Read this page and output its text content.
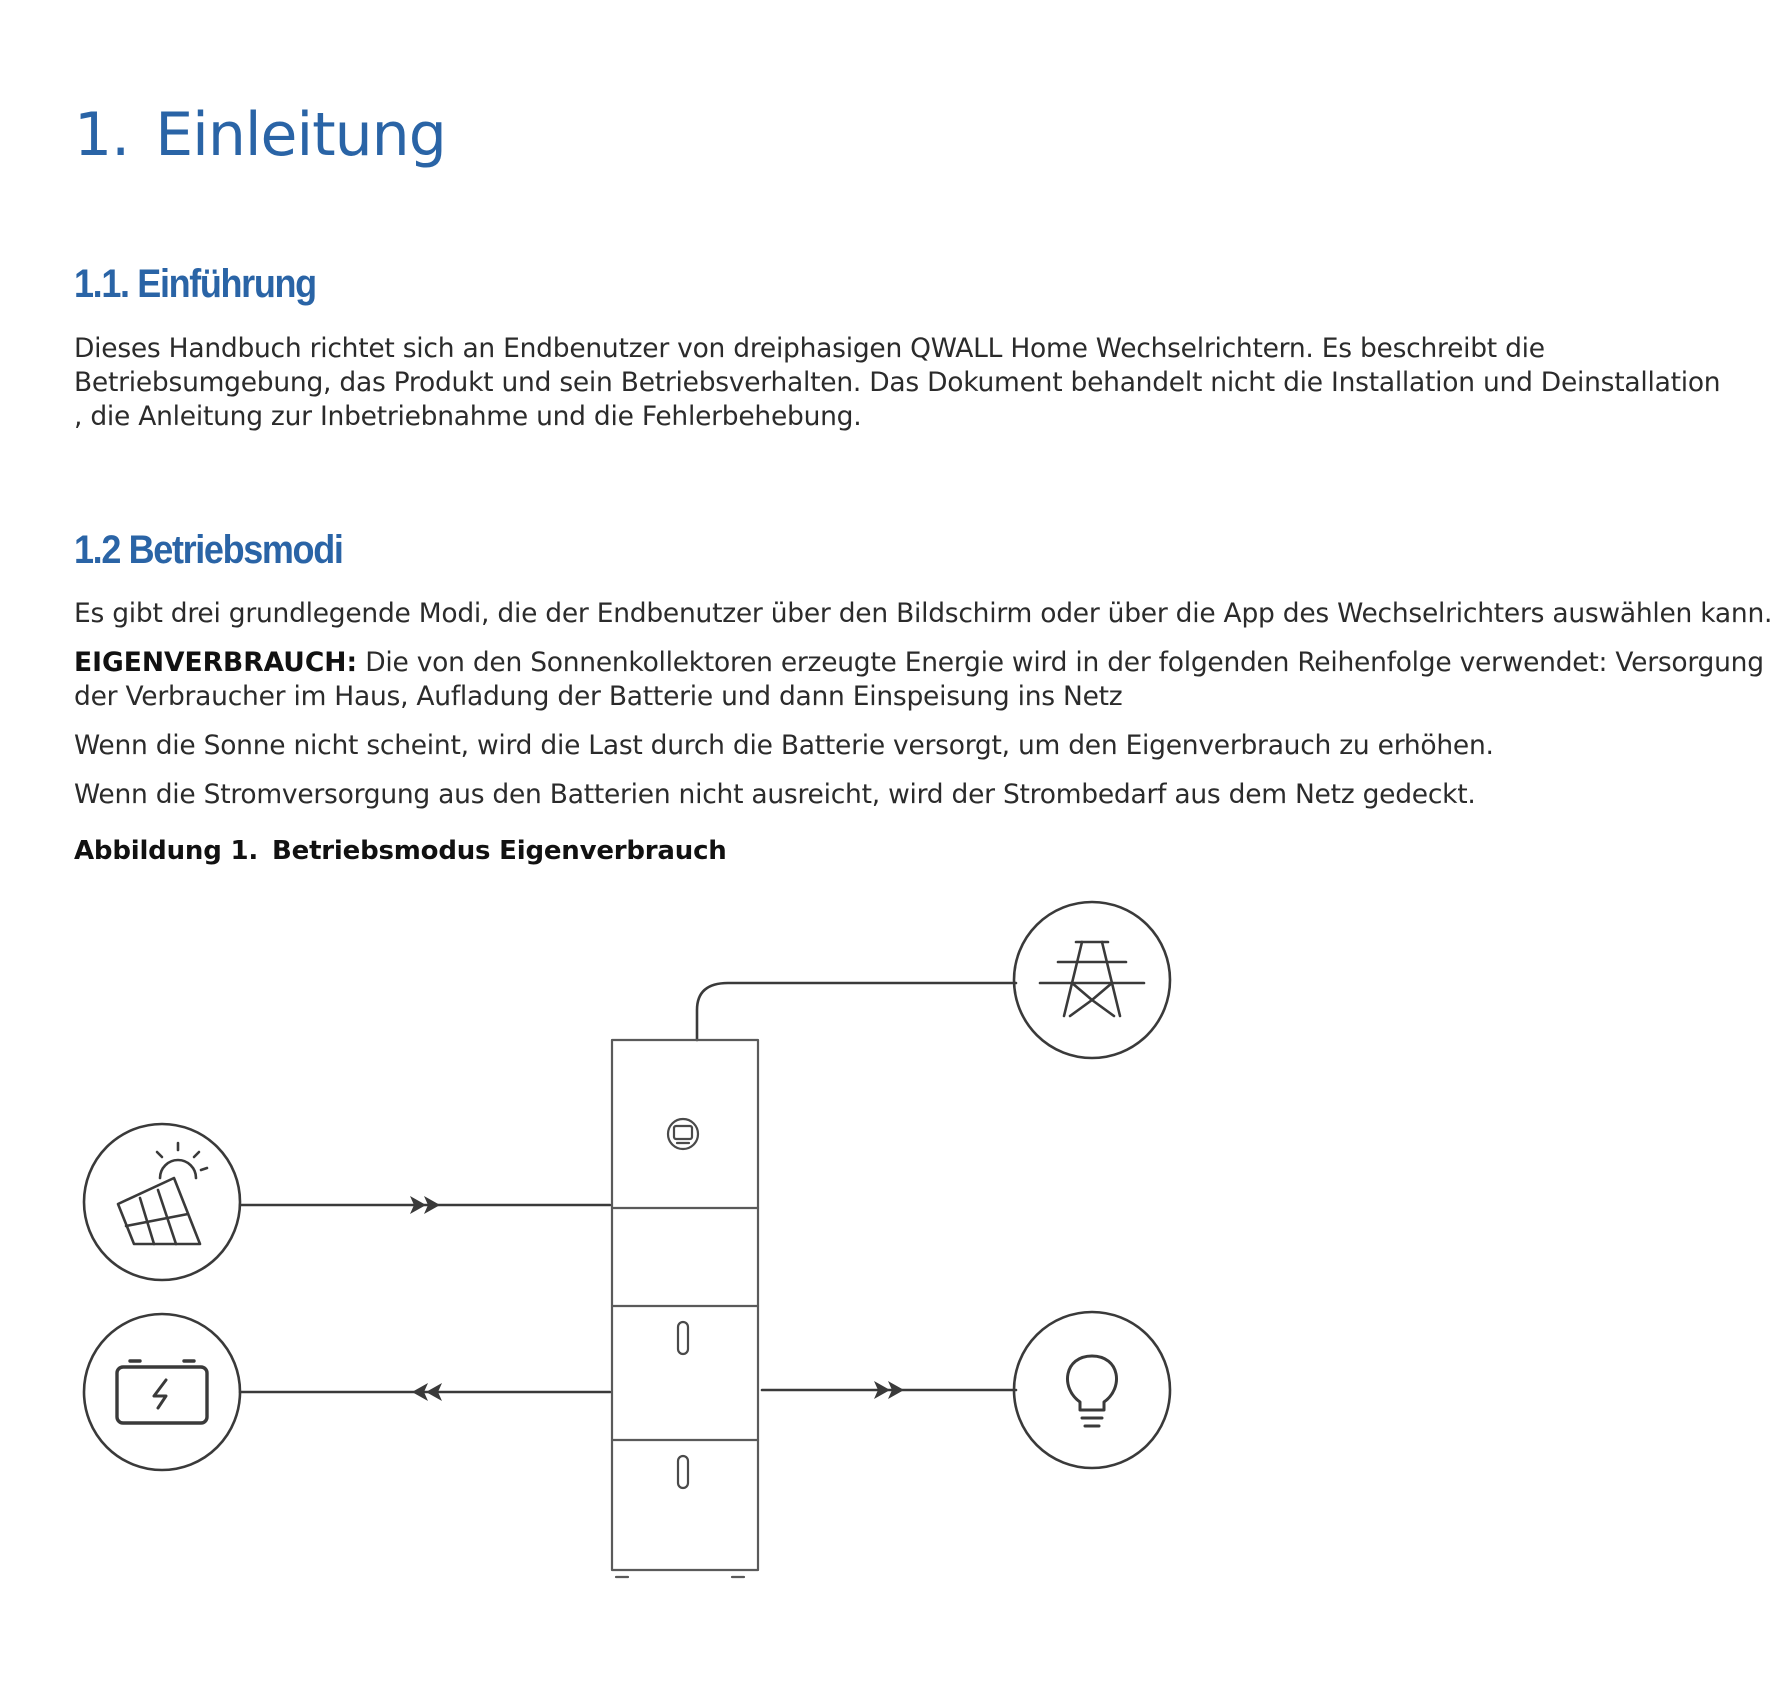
1. Einleitung
1.1. Einführung

Dieses Handbuch richtet sich an Endbenutzer von dreiphasigen QWALL Home Wechselrichtern. Es beschreibt die

Betriebsumgebung, das Produkt und sein Betriebsverhalten. Das Dokument behandelt nicht die Installation und Deinstallation

, die Anleitung zur Inbetriebnahme und die Fehlerbehebung.

1.2 Betriebsmodi

Es gibt drei grundlegende Modi, die der Endbenutzer über den Bildschirm oder über die App des Wechselrichters auswählen kann.

EIGENVERBRAUCH: Die von den Sonnenkollektoren erzeugte Energie wird in der folgenden Reihenfolge verwendet: Versorgung

der Verbraucher im Haus, Aufladung der Batterie und dann Einspeisung ins Netz

Wenn die Sonne nicht scheint, wird die Last durch die Batterie versorgt, um den Eigenverbrauch zu erhöhen.

Wenn die Stromversorgung aus den Batterien nicht ausreicht, wird der Strombedarf aus dem Netz gedeckt.

Abbildung 1. Betriebsmodus Eigenverbrauch
